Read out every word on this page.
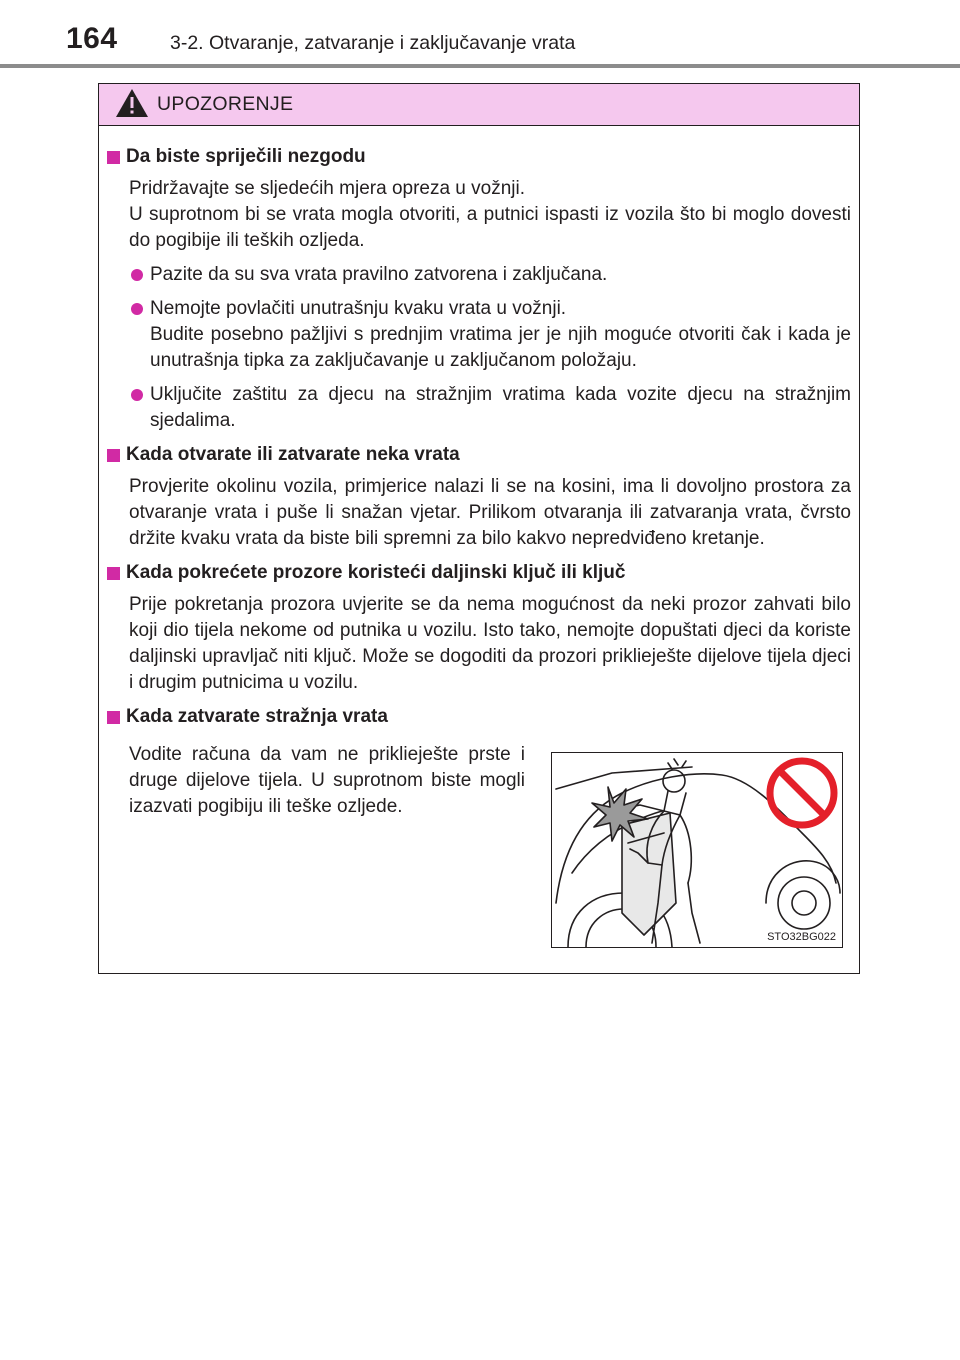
164	3-2. Otvaranje, zatvaranje i zaključavanje vrata
UPOZORENJE
Da biste spriječili nezgodu
Pridržavajte se sljedećih mjera opreza u vožnji.
U suprotnom bi se vrata mogla otvoriti, a putnici ispasti iz vozila što bi moglo dovesti do pogibije ili teških ozljeda.
Pazite da su sva vrata pravilno zatvorena i zaključana.
Nemojte povlačiti unutrašnju kvaku vrata u vožnji.
Budite posebno pažljivi s prednjim vratima jer je njih moguće otvoriti čak i kada je unutrašnja tipka za zaključavanje u zaključanom položaju.
Uključite zaštitu za djecu na stražnjim vratima kada vozite djecu na stražnjim sjedalima.
Kada otvarate ili zatvarate neka vrata
Provjerite okolinu vozila, primjerice nalazi li se na kosini, ima li dovoljno prostora za otvaranje vrata i puše li snažan vjetar. Prilikom otvaranja ili zatvaranja vrata, čvrsto držite kvaku vrata da biste bili spremni za bilo kakvo nepredviđeno kretanje.
Kada pokrećete prozore koristeći daljinski ključ ili ključ
Prije pokretanja prozora uvjerite se da nema mogućnost da neki prozor zahvati bilo koji dio tijela nekome od putnika u vozilu. Isto tako, nemojte dopuštati djeci da koriste daljinski upravljač niti ključ. Može se dogoditi da prozori priklieješte dijelove tijela djeci i drugim putnicima u vozilu.
Kada zatvarate stražnja vrata
Vodite računa da vam ne priklieješte prste i druge dijelove tijela. U suprotnom biste mogli izazvati pogibiju ili teške ozljede.
STO32BG022
